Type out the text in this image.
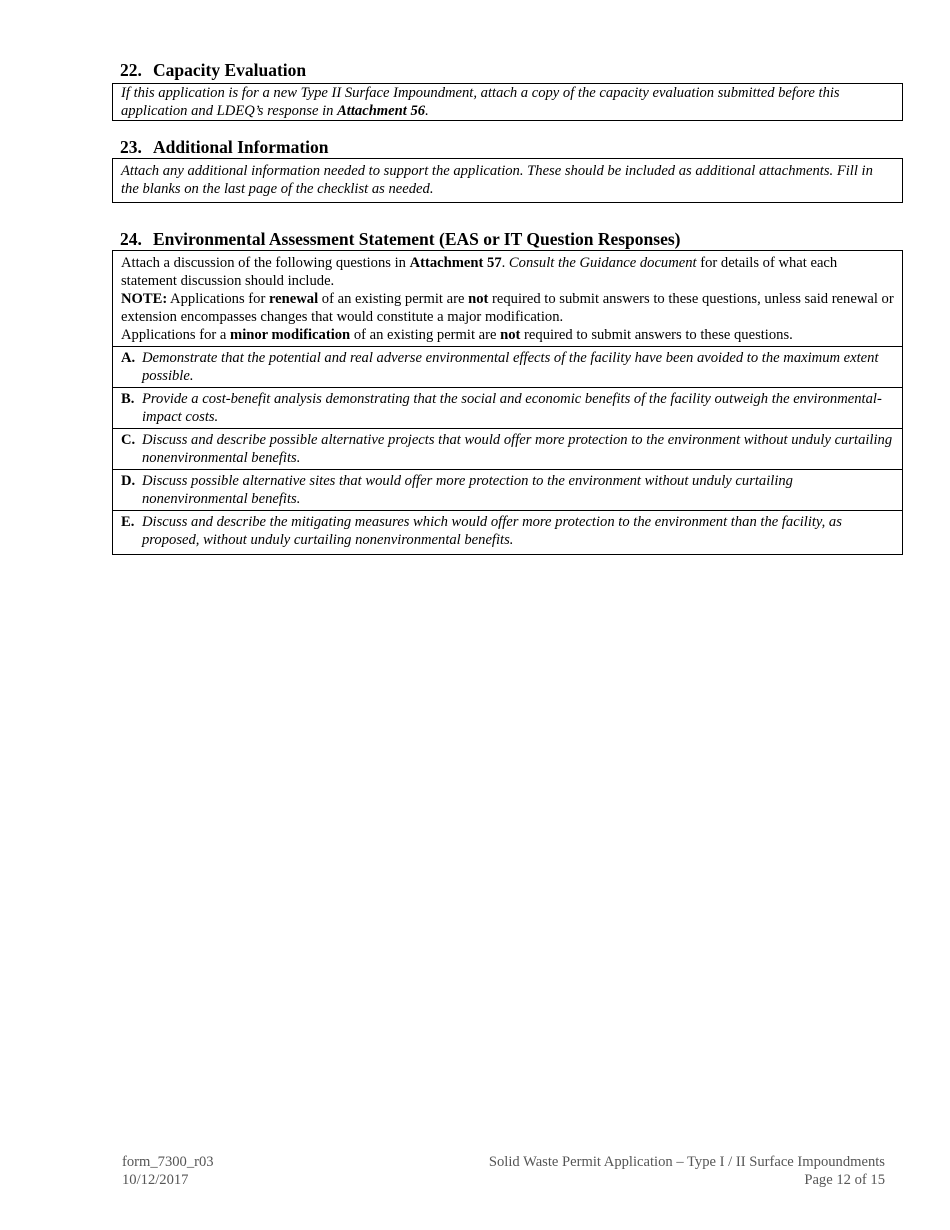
22. Capacity Evaluation
If this application is for a new Type II Surface Impoundment, attach a copy of the capacity evaluation submitted before this application and LDEQ’s response in Attachment 56.
23. Additional Information
Attach any additional information needed to support the application. These should be included as additional attachments. Fill in the blanks on the last page of the checklist as needed.
24. Environmental Assessment Statement (EAS or IT Question Responses)
Attach a discussion of the following questions in Attachment 57. Consult the Guidance document for details of what each statement discussion should include.
NOTE: Applications for renewal of an existing permit are not required to submit answers to these questions, unless said renewal or extension encompasses changes that would constitute a major modification.
Applications for a minor modification of an existing permit are not required to submit answers to these questions.
A. Demonstrate that the potential and real adverse environmental effects of the facility have been avoided to the maximum extent possible.
B. Provide a cost-benefit analysis demonstrating that the social and economic benefits of the facility outweigh the environmental-impact costs.
C. Discuss and describe possible alternative projects that would offer more protection to the environment without unduly curtailing nonenvironmental benefits.
D. Discuss possible alternative sites that would offer more protection to the environment without unduly curtailing nonenvironmental benefits.
E. Discuss and describe the mitigating measures which would offer more protection to the environment than the facility, as proposed, without unduly curtailing nonenvironmental benefits.
form_7300_r03
10/12/2017
Solid Waste Permit Application – Type I / II Surface Impoundments
Page 12 of 15
